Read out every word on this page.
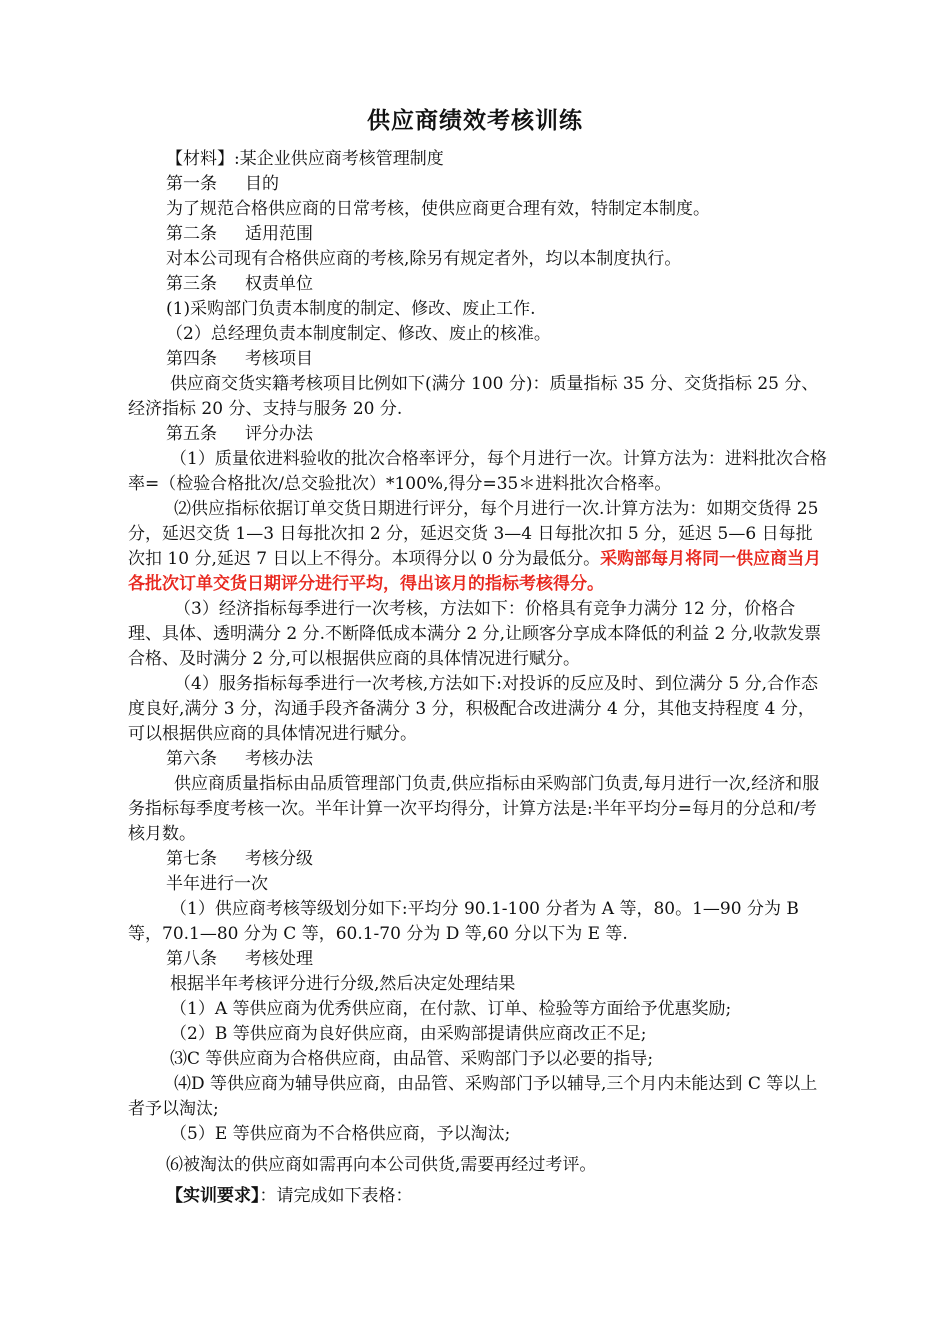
供应商绩效考核训练

【材料】:某企业供应商考核管理制度

第一条 目的

为了规范合格供应商的日常考核，使供应商更合理有效，特制定本制度。

第二条 适用范围

对本公司现有合格供应商的考核,除另有规定者外，均以本制度执行。

第三条 权责单位

(1)采购部门负责本制度的制定、修改、废止工作.

（2）总经理负责本制度制定、修改、废止的核准。

第四条 考核项目

供应商交货实籍考核项目比例如下(满分 100 分)：质量指标 35 分、交货指标 25 分、经济指标 20 分、支持与服务 20 分.

第五条 评分办法

（1）质量依进料验收的批次合格率评分，每个月进行一次。计算方法为：进料批次合格率=（检验合格批次/总交验批次）*100%,得分=35＊进料批次合格率。

⑵供应指标依据订单交货日期进行评分，每个月进行一次.计算方法为：如期交货得 25 分，延迟交货 1—3 日每批次扣 2 分，延迟交货 3—4 日每批次扣 5 分，延迟 5—6 日每批次扣 10 分,延迟 7 日以上不得分。本项得分以 0 分为最低分。采购部每月将同一供应商当月各批次订单交货日期评分进行平均，得出该月的指标考核得分。

（3）经济指标每季进行一次考核，方法如下：价格具有竞争力满分 12 分，价格合理、具体、透明满分 2 分.不断降低成本满分 2 分,让顾客分享成本降低的利益 2 分,收款发票合格、及时满分 2 分,可以根据供应商的具体情况进行赋分。

（4）服务指标每季进行一次考核,方法如下:对投诉的反应及时、到位满分 5 分,合作态度良好,满分 3 分，沟通手段齐备满分 3 分，积极配合改进满分 4 分，其他支持程度 4 分，可以根据供应商的具体情况进行赋分。

第六条 考核办法

供应商质量指标由品质管理部门负责,供应指标由采购部门负责,每月进行一次,经济和服务指标每季度考核一次。半年计算一次平均得分，计算方法是:半年平均分=每月的分总和/考核月数。

第七条 考核分级

半年进行一次

（1）供应商考核等级划分如下:平均分 90.1-100 分者为 A 等，80。1—90 分为 B 等，70.1—80 分为 C 等，60.1-70 分为 D 等,60 分以下为 E 等.

第八条 考核处理

根据半年考核评分进行分级,然后决定处理结果

（1）A 等供应商为优秀供应商，在付款、订单、检验等方面给予优惠奖励;

（2）B 等供应商为良好供应商，由采购部提请供应商改正不足;

⑶C 等供应商为合格供应商，由品管、采购部门予以必要的指导;

⑷D 等供应商为辅导供应商，由品管、采购部门予以辅导,三个月内未能达到 C 等以上者予以淘汰;

（5）E 等供应商为不合格供应商，予以淘汰;

⑹被淘汰的供应商如需再向本公司供货,需要再经过考评。

【实训要求】：请完成如下表格：
